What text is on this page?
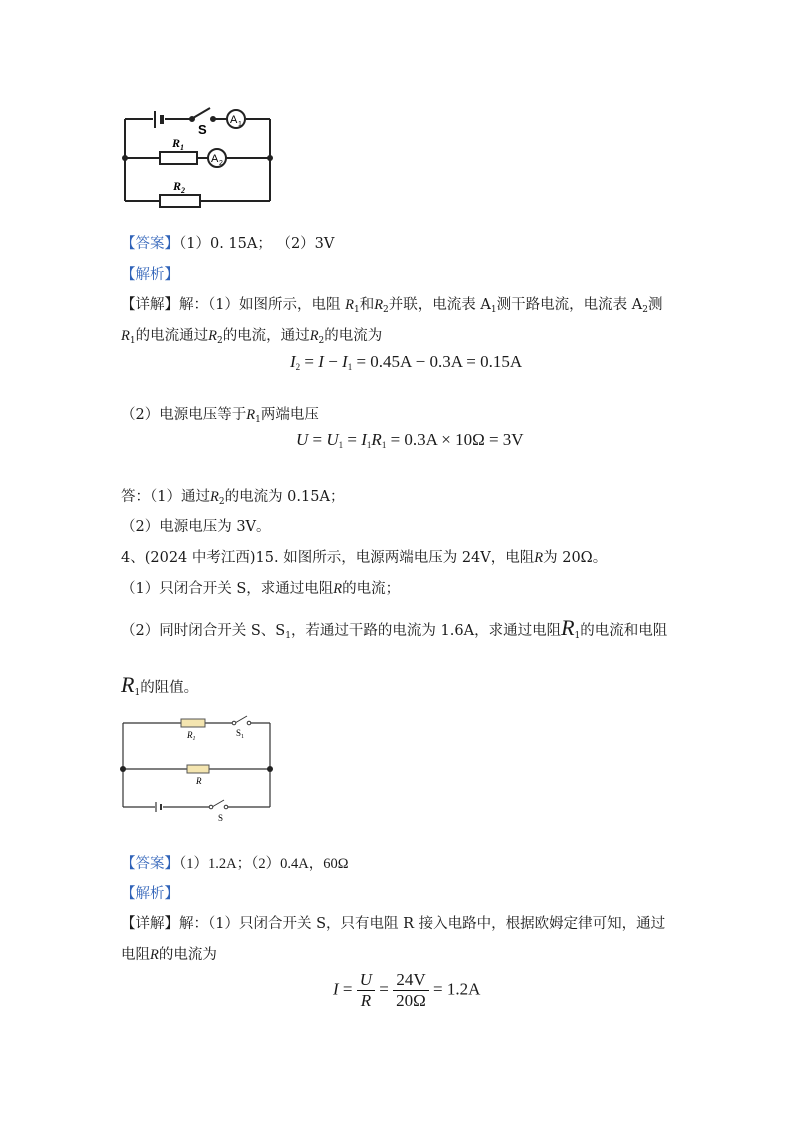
S
A 1
$R_1$
A 2
$R_2$
【答案】（1）0. 15A； （2）3V
【解析】
【详解】解：（1）如图所示，电阻 $R_1$和$R_2$并联，电流表 $A_1$测干路电流，电流表 $A_2$测
$R_1$的电流通过$R_2$的电流，通过$R_2$的电流为
$I_2 = I - I_1 = 0.45A - 0.3A = 0.15A$
（2）电源电压等于$R_1$两端电压
$U = U_1 = I_1R_1 = 0.3A \times 10\Omega = 3V$
答：（1）通过$R_2$的电流为 0.15A；
（2）电源电压为 3V。
4、(2024 中考江西)15. 如图所示，电源两端电压为 24V，电阻R为 20Ω。
（1）只闭合开关 S，求通过电阻R的电流；
（2）同时闭合开关 S、$S_1$，若通过干路的电流为 1.6A，求通过电阻$R_1$的电流和电阻
$R_1$的阻值。
$R_1$
$S_1$
R
S
【答案】（1）1.2A；（2）0.4A，60Ω
【解析】
【详解】解：（1）只闭合开关 S，只有电阻 R 接入电路中，根据欧姆定律可知，通过
电阻R的电流为
$I = \frac{U}{R} = \frac{24V}{20\Omega} = 1.2A$
